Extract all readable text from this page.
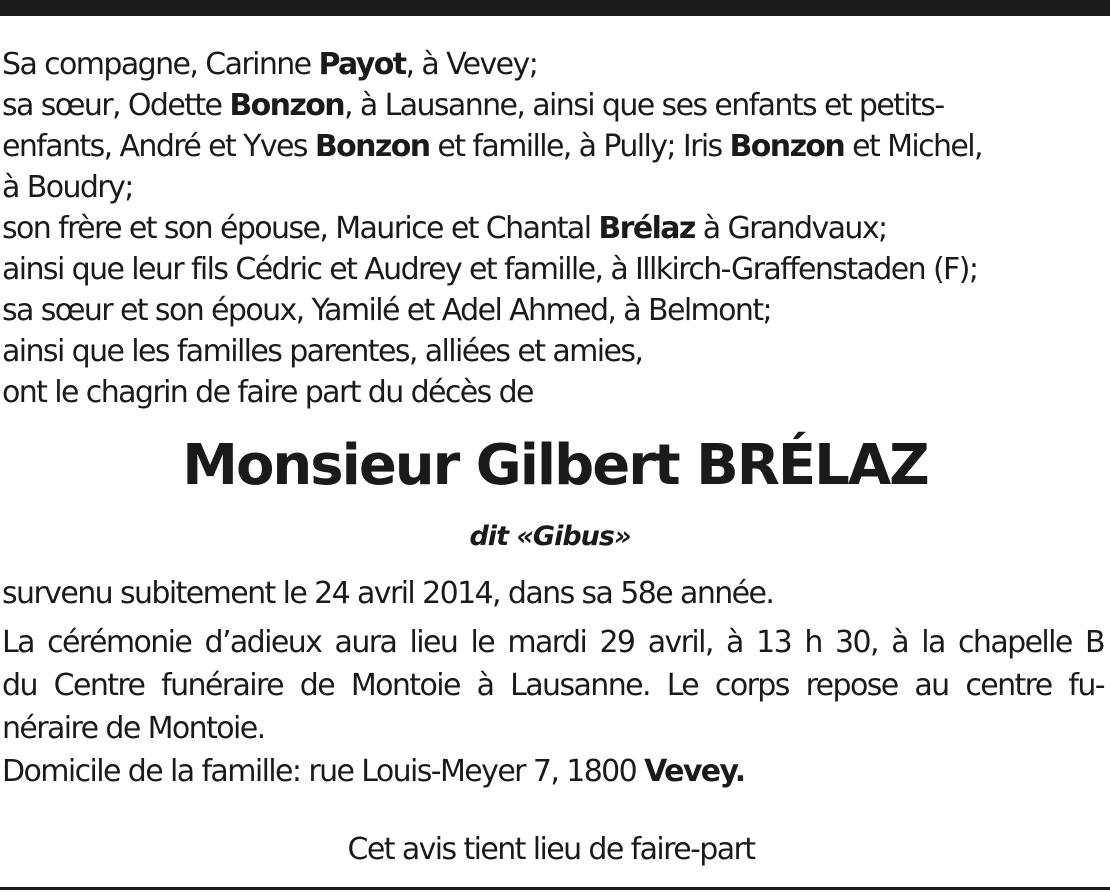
Sa compagne, Carinne Payot, à Vevey;
sa sœur, Odette Bonzon, à Lausanne, ainsi que ses enfants et petits-
enfants, André et Yves Bonzon et famille, à Pully; Iris Bonzon et Michel,
à Boudry;
son frère et son épouse, Maurice et Chantal Brélaz à Grandvaux;
ainsi que leur fils Cédric et Audrey et famille, à Illkirch-Graffenstaden (F);
sa sœur et son époux, Yamilé et Adel Ahmed, à Belmont;
ainsi que les familles parentes, alliées et amies,
ont le chagrin de faire part du décès de
Monsieur Gilbert BRÉLAZ
dit «Gibus»
survenu subitement le 24 avril 2014, dans sa 58e année.
La cérémonie d’adieux aura lieu le mardi 29 avril, à 13 h 30, à la chapelle B
du Centre funéraire de Montoie à Lausanne. Le corps repose au centre fu-
néraire de Montoie.
Domicile de la famille: rue Louis-Meyer 7, 1800 Vevey.
Cet avis tient lieu de faire-part
